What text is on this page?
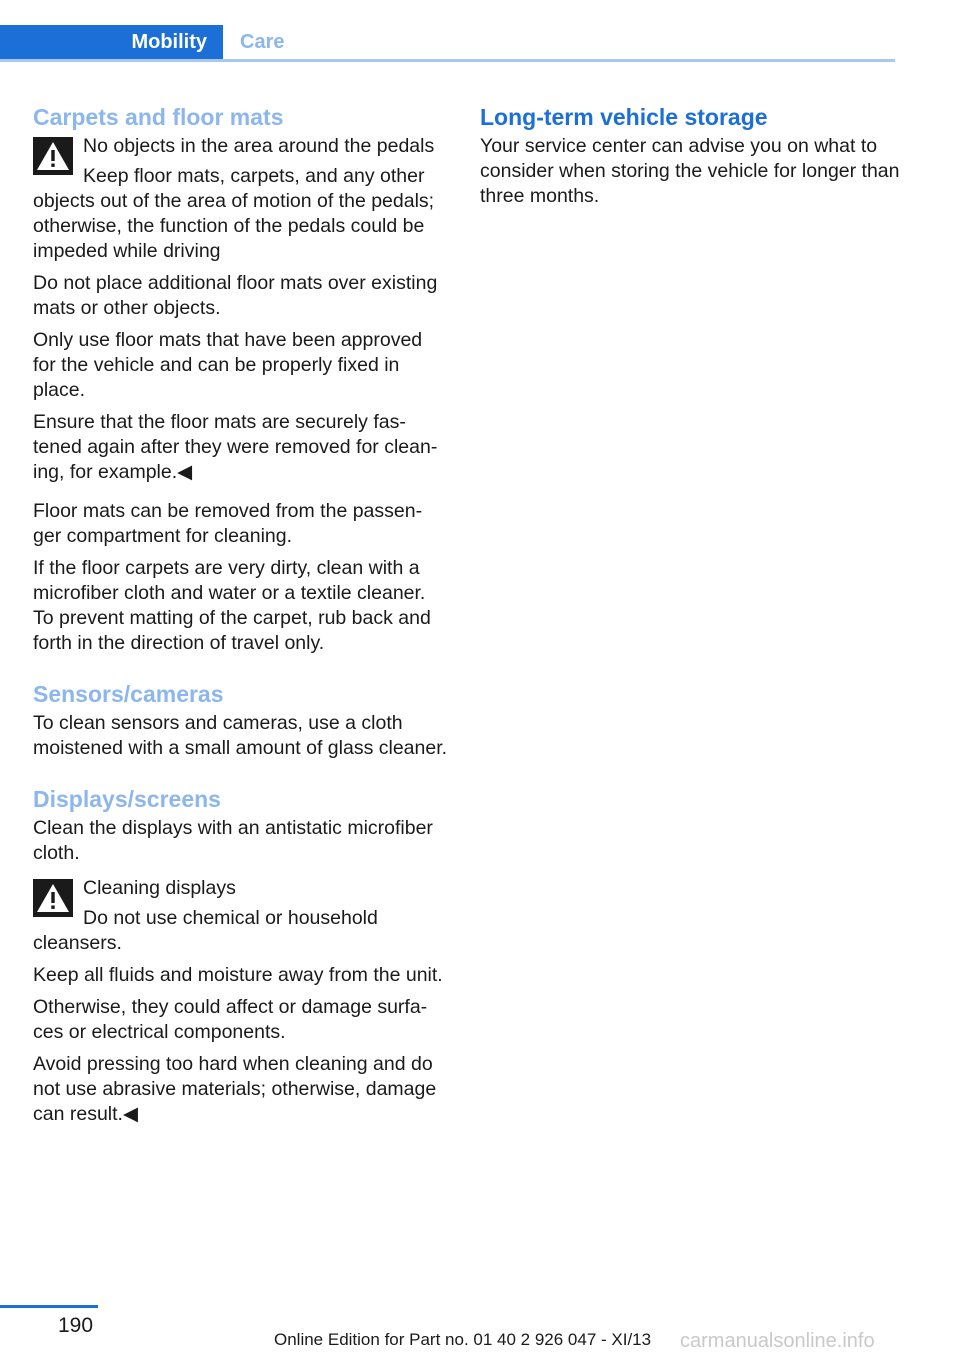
Mobility Care
Carpets and floor mats

No objects in the area around the pedals

Keep floor mats, carpets, and any other objects out of the area of motion of the pedals; otherwise, the function of the pedals could be impeded while driving

Do not place additional floor mats over existing mats or other objects.

Only use floor mats that have been approved for the vehicle and can be properly fixed in place.

Ensure that the floor mats are securely fas‐tened again after they were removed for clean‐ing, for example.◀

Floor mats can be removed from the passen‐ger compartment for cleaning.

If the floor carpets are very dirty, clean with a microfiber cloth and water or a textile cleaner. To prevent matting of the carpet, rub back and forth in the direction of travel only.

Sensors/cameras

To clean sensors and cameras, use a cloth moistened with a small amount of glass cleaner.

Displays/screens

Clean the displays with an antistatic microfiber cloth.

Cleaning displays

Do not use chemical or household cleansers.

Keep all fluids and moisture away from the unit.

Otherwise, they could affect or damage surfa‐ces or electrical components.

Avoid pressing too hard when cleaning and do not use abrasive materials; otherwise, damage can result.◀

Long-term vehicle storage

Your service center can advise you on what to consider when storing the vehicle for longer than three months.

190
Online Edition for Part no. 01 40 2 926 047 - XI/13 carmanualsonline.info
